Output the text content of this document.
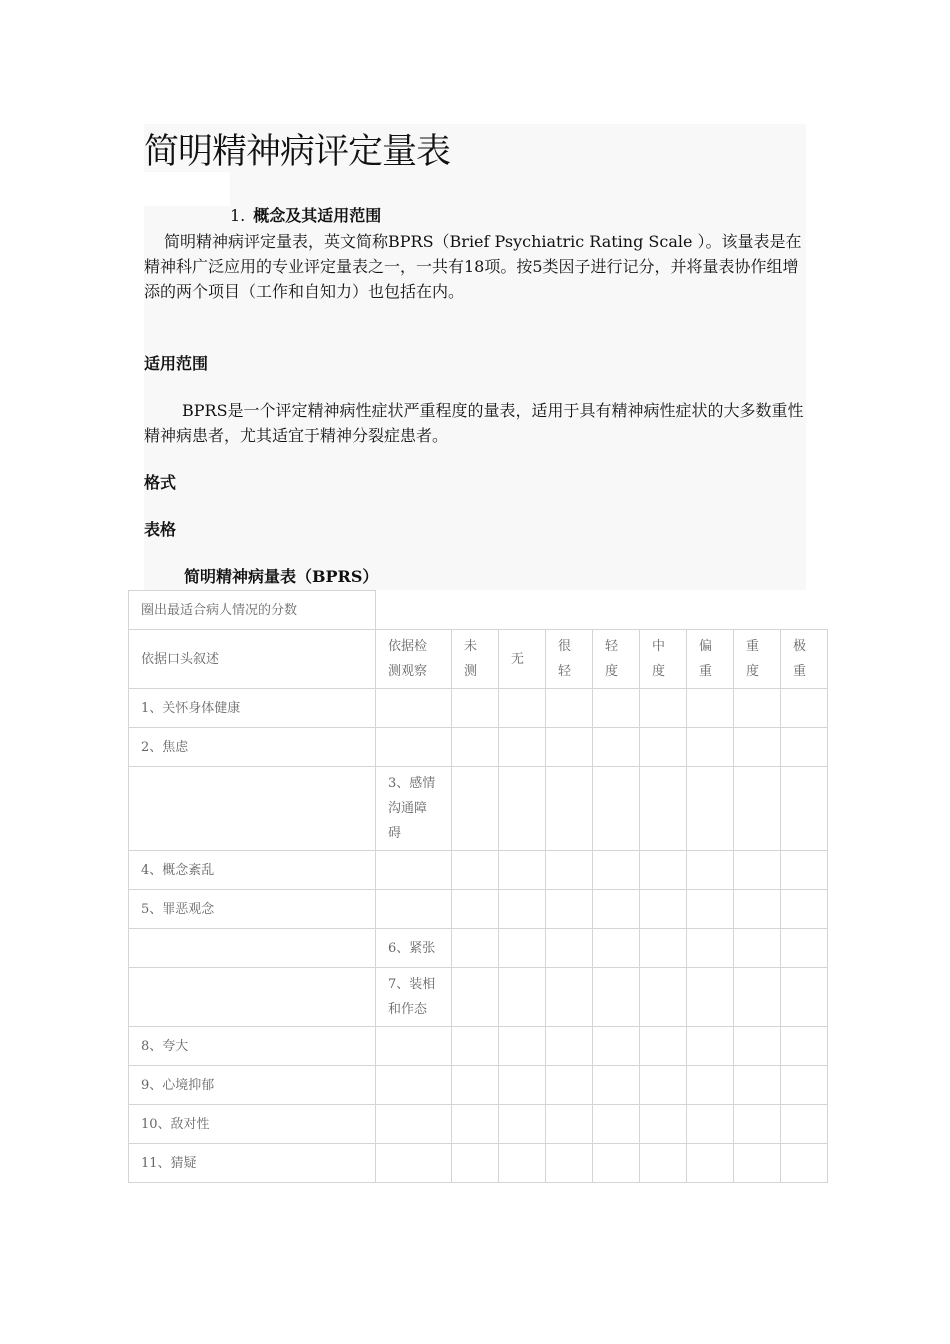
简明精神病评定量表
1. 概念及其适用范围

简明精神病评定量表，英文简称BPRS（Brief Psychiatric Rating Scale ）。该量表是在精神科广泛应用的专业评定量表之一，一共有18项。按5类因子进行记分，并将量表协作组增添的两个项目（工作和自知力）也包括在内。

适用范围

BPRS是一个评定精神病性症状严重程度的量表，适用于具有精神病性症状的大多数重性精神病患者，尤其适宜于精神分裂症患者。

格式
表格
简明精神病量表（BPRS）
圈出最适合病人情况的分数									
依据口头叙述	依据检测观察	未测	无	很轻	轻度	中度	偏重	重度	极重
1、关怀身体健康									
2、焦虑									
	3、感情沟通障碍								
4、概念紊乱									
5、罪恶观念									
	6、紧张								
	7、装相和作态								
8、夸大									
9、心境抑郁									
10、敌对性									
11、猜疑									
